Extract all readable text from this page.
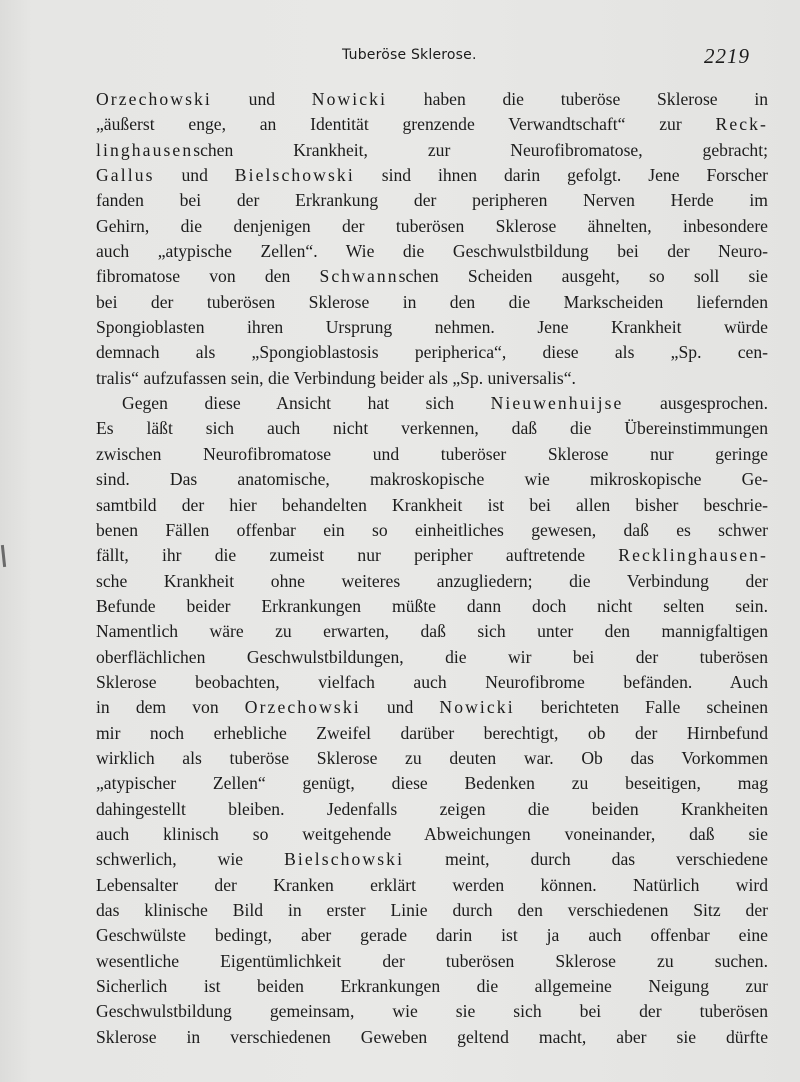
Tuberöse Sklerose.	2219
Orzechowski und Nowicki haben die tuberöse Sklerose in
„äußerst enge, an Identität grenzende Verwandtschaft“ zur Reck-
linghausenschen Krankheit, zur Neurofibromatose, gebracht;
Gallus und Bielschowski sind ihnen darin gefolgt. Jene Forscher
fanden bei der Erkrankung der peripheren Nerven Herde im
Gehirn, die denjenigen der tuberösen Sklerose ähnelten, inbesondere
auch „atypische Zellen“. Wie die Geschwulstbildung bei der Neuro-
fibromatose von den Schwannschen Scheiden ausgeht, so soll sie
bei der tuberösen Sklerose in den die Markscheiden liefernden
Spongioblasten ihren Ursprung nehmen. Jene Krankheit würde
demnach als „Spongioblastosis peripherica“, diese als „Sp. cen-
tralis“ aufzufassen sein, die Verbindung beider als „Sp. universalis“.
Gegen diese Ansicht hat sich Nieuwenhuijse ausgesprochen.
Es läßt sich auch nicht verkennen, daß die Übereinstimmungen
zwischen Neurofibromatose und tuberöser Sklerose nur geringe
sind. Das anatomische, makroskopische wie mikroskopische Ge-
samtbild der hier behandelten Krankheit ist bei allen bisher beschrie-
benen Fällen offenbar ein so einheitliches gewesen, daß es schwer
fällt, ihr die zumeist nur peripher auftretende Recklinghausen-
sche Krankheit ohne weiteres anzugliedern; die Verbindung der
Befunde beider Erkrankungen müßte dann doch nicht selten sein.
Namentlich wäre zu erwarten, daß sich unter den mannigfaltigen
oberflächlichen Geschwulstbildungen, die wir bei der tuberösen
Sklerose beobachten, vielfach auch Neurofibrome befänden. Auch
in dem von Orzechowski und Nowicki berichteten Falle scheinen
mir noch erhebliche Zweifel darüber berechtigt, ob der Hirnbefund
wirklich als tuberöse Sklerose zu deuten war. Ob das Vorkommen
„atypischer Zellen“ genügt, diese Bedenken zu beseitigen, mag
dahingestellt bleiben. Jedenfalls zeigen die beiden Krankheiten
auch klinisch so weitgehende Abweichungen voneinander, daß sie
schwerlich, wie Bielschowski meint, durch das verschiedene
Lebensalter der Kranken erklärt werden können. Natürlich wird
das klinische Bild in erster Linie durch den verschiedenen Sitz der
Geschwülste bedingt, aber gerade darin ist ja auch offenbar eine
wesentliche Eigentümlichkeit der tuberösen Sklerose zu suchen.
Sicherlich ist beiden Erkrankungen die allgemeine Neigung zur
Geschwulstbildung gemeinsam, wie sie sich bei der tuberösen
Sklerose in verschiedenen Geweben geltend macht, aber sie dürfte
